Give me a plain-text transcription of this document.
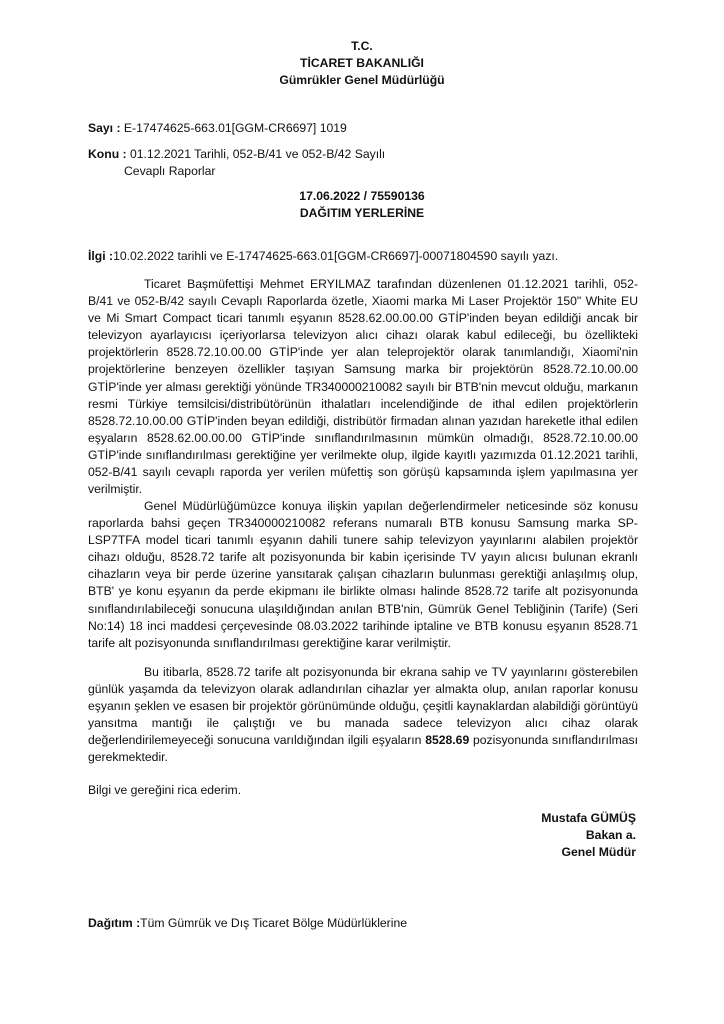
T.C.
TİCARET BAKANLIĞI
Gümrükler Genel Müdürlüğü
Sayı : E-17474625-663.01[GGM-CR6697] 1019
Konu : 01.12.2021 Tarihli, 052-B/41 ve 052-B/42 Sayılı
Cevaplı Raporlar
17.06.2022 / 75590136
DAĞITIM YERLERİNE
İlgi :10.02.2022 tarihli ve E-17474625-663.01[GGM-CR6697]-00071804590 sayılı yazı.

Ticaret Başmüfettişi Mehmet ERYILMAZ tarafından düzenlenen 01.12.2021 tarihli, 052-B/41 ve 052-B/42 sayılı Cevaplı Raporlarda özetle, Xiaomi marka Mi Laser Projektör 150" White EU ve Mi Smart Compact ticari tanımlı eşyanın 8528.62.00.00.00 GTİP'inden beyan edildiği ancak bir televizyon ayarlayıcısı içeriyorlarsa televizyon alıcı cihazı olarak kabul edileceği, bu özellikteki projektörlerin 8528.72.10.00.00 GTİP'inde yer alan teleprojektör olarak tanımlandığı, Xiaomi'nin projektörlerine benzeyen özellikler taşıyan Samsung marka bir projektörün 8528.72.10.00.00 GTİP'inde yer alması gerektiği yönünde TR340000210082 sayılı bir BTB'nin mevcut olduğu, markanın resmi Türkiye temsilcisi/distribütörünün ithalatları incelendiğinde de ithal edilen projektörlerin 8528.72.10.00.00 GTİP'inden beyan edildiği, distribütör firmadan alınan yazıdan hareketle ithal edilen eşyaların 8528.62.00.00.00 GTİP'inde sınıflandırılmasının mümkün olmadığı, 8528.72.10.00.00 GTİP'inde sınıflandırılması gerektiğine yer verilmekte olup, ilgide kayıtlı yazımızda 01.12.2021 tarihli, 052-B/41 sayılı cevaplı raporda yer verilen müfettiş son görüşü kapsamında işlem yapılmasına yer verilmiştir.

Genel Müdürlüğümüzce konuya ilişkin yapılan değerlendirmeler neticesinde söz konusu raporlarda bahsi geçen TR340000210082 referans numaralı BTB konusu Samsung marka SP-LSP7TFA model ticari tanımlı eşyanın dahili tunere sahip televizyon yayınlarını alabilen projektör cihazı olduğu, 8528.72 tarife alt pozisyonunda bir kabin içerisinde TV yayın alıcısı bulunan ekranlı cihazların veya bir perde üzerine yansıtarak çalışan cihazların bulunması gerektiği anlaşılmış olup, BTB' ye konu eşyanın da perde ekipmanı ile birlikte olması halinde 8528.72 tarife alt pozisyonunda sınıflandırılabileceği sonucuna ulaşıldığından anılan BTB'nin, Gümrük Genel Tebliğinin (Tarife) (Seri No:14) 18 inci maddesi çerçevesinde 08.03.2022 tarihinde iptaline ve BTB konusu eşyanın 8528.71 tarife alt pozisyonunda sınıflandırılması gerektiğine karar verilmiştir.

Bu itibarla, 8528.72 tarife alt pozisyonunda bir ekrana sahip ve TV yayınlarını gösterebilen günlük yaşamda da televizyon olarak adlandırılan cihazlar yer almakta olup, anılan raporlar konusu eşyanın şeklen ve esasen bir projektör görünümünde olduğu, çeşitli kaynaklardan alabildiği görüntüyü yansıtma mantığı ile çalıştığı ve bu manada sadece televizyon alıcı cihaz olarak değerlendirilemeyeceği sonucuna varıldığından ilgili eşyaların 8528.69 pozisyonunda sınıflandırılması gerekmektedir.

Bilgi ve gereğini rica ederim.
Mustafa GÜMÜŞ
Bakan a.
Genel Müdür
Dağıtım :Tüm Gümrük ve Dış Ticaret Bölge Müdürlüklerine
